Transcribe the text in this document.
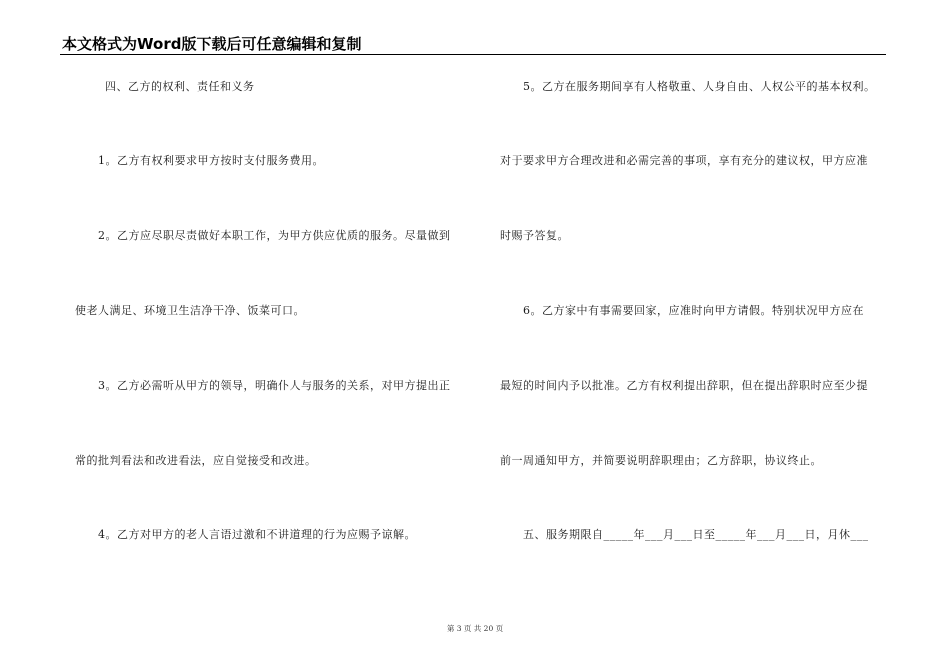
本文格式为Word版下载后可任意编辑和复制
四、乙方的权利、责任和义务
1。乙方有权利要求甲方按时支付服务费用。
2。乙方应尽职尽责做好本职工作，为甲方供应优质的服务。尽量做到
使老人满足、环境卫生洁净干净、饭菜可口。
3。乙方必需听从甲方的领导，明确仆人与服务的关系，对甲方提出正
常的批判看法和改进看法，应自觉接受和改进。
4。乙方对甲方的老人言语过激和不讲道理的行为应赐予谅解。
5。乙方在服务期间享有人格敬重、人身自由、人权公平的基本权利。
对于要求甲方合理改进和必需完善的事项，享有充分的建议权，甲方应准
时赐予答复。
6。乙方家中有事需要回家，应准时向甲方请假。特别状况甲方应在
最短的时间内予以批准。乙方有权利提出辞职，但在提出辞职时应至少提
前一周通知甲方，并简要说明辞职理由；乙方辞职，协议终止。
五、服务期限自_____年___月___日至_____年___月___日，月休___
第 3 页 共 20 页
